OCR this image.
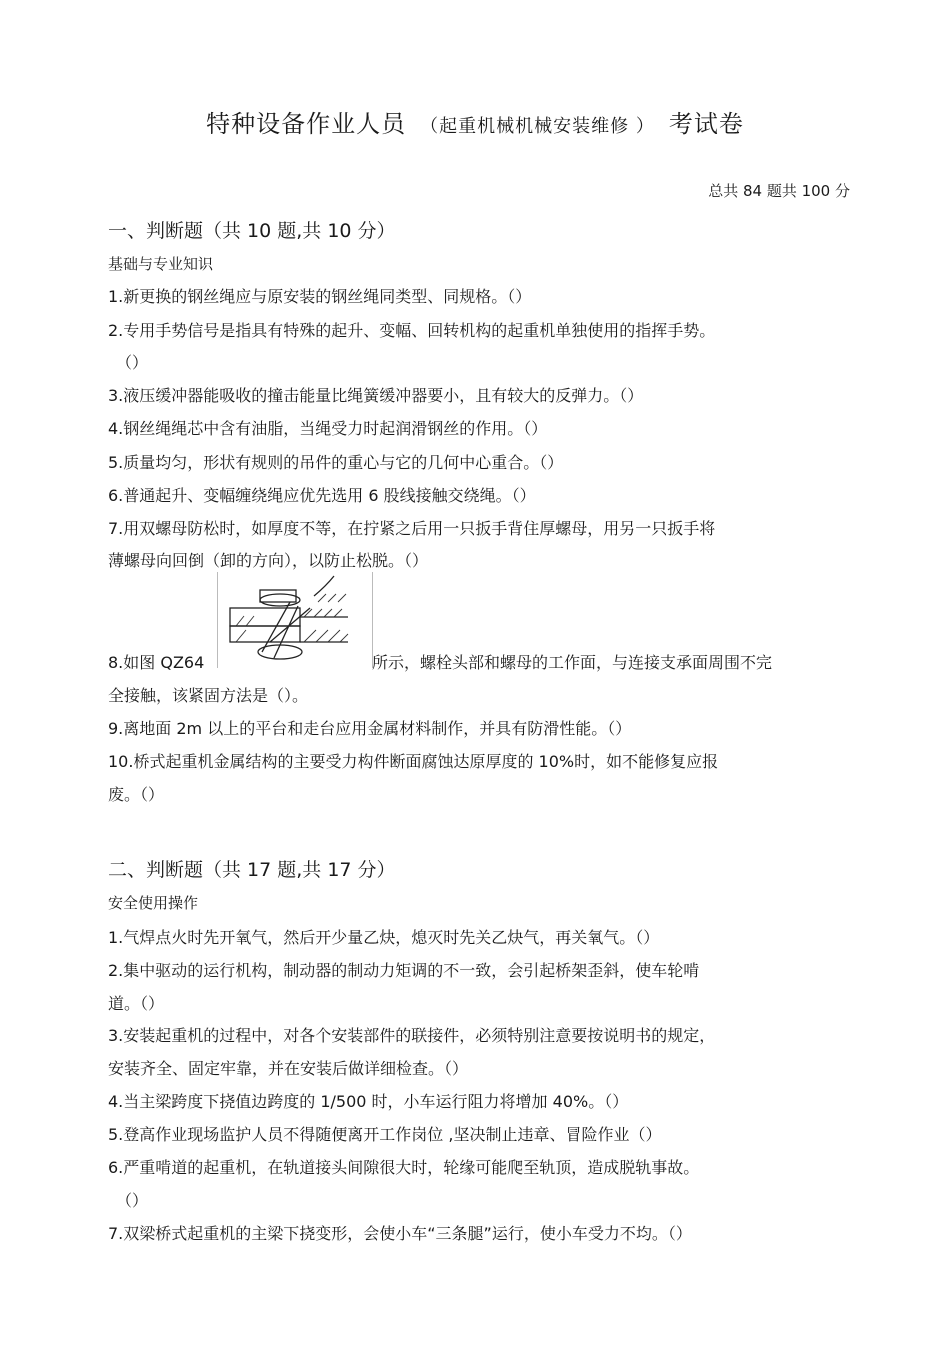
特种设备作业人员 （起重机械机械安装维修 ） 考试卷
总共 84 题共 100 分
一、判断题（共 10 题,共 10 分）
基础与专业知识
1.新更换的钢丝绳应与原安装的钢丝绳同类型、同规格。（）
2.专用手势信号是指具有特殊的起升、变幅、回转机构的起重机单独使用的指挥手势。
（）
3.液压缓冲器能吸收的撞击能量比绳簧缓冲器要小，且有较大的反弹力。（）
4.钢丝绳绳芯中含有油脂，当绳受力时起润滑钢丝的作用。（）
5.质量均匀，形状有规则的吊件的重心与它的几何中心重合。（）
6.普通起升、变幅缠绕绳应优先选用 6 股线接触交绕绳。（）
7.用双螺母防松时，如厚度不等，在拧紧之后用一只扳手背住厚螺母，用另一只扳手将
薄螺母向回倒（卸的方向），以防止松脱。（）
8.如图 QZ64	所示，螺栓头部和螺母的工作面，与连接支承面周围不完
全接触，该紧固方法是（）。
9.离地面 2m 以上的平台和走台应用金属材料制作，并具有防滑性能。（）
10.桥式起重机金属结构的主要受力构件断面腐蚀达原厚度的 10%时，如不能修复应报
废。（）
二、判断题（共 17 题,共 17 分）
安全使用操作
1.气焊点火时先开氧气，然后开少量乙炔，熄灭时先关乙炔气，再关氧气。（）
2.集中驱动的运行机构，制动器的制动力矩调的不一致，会引起桥架歪斜，使车轮啃
道。（）
3.安装起重机的过程中，对各个安装部件的联接件，必须特别注意要按说明书的规定，
安装齐全、固定牢靠，并在安装后做详细检查。（）
4.当主梁跨度下挠值边跨度的 1/500 时，小车运行阻力将增加 40%。（）
5.登高作业现场监护人员不得随便离开工作岗位 ,坚决制止违章、冒险作业（）
6.严重啃道的起重机，在轨道接头间隙很大时，轮缘可能爬至轨顶，造成脱轨事故。
（）
7.双梁桥式起重机的主梁下挠变形，会使小车“三条腿”运行，使小车受力不均。（）
